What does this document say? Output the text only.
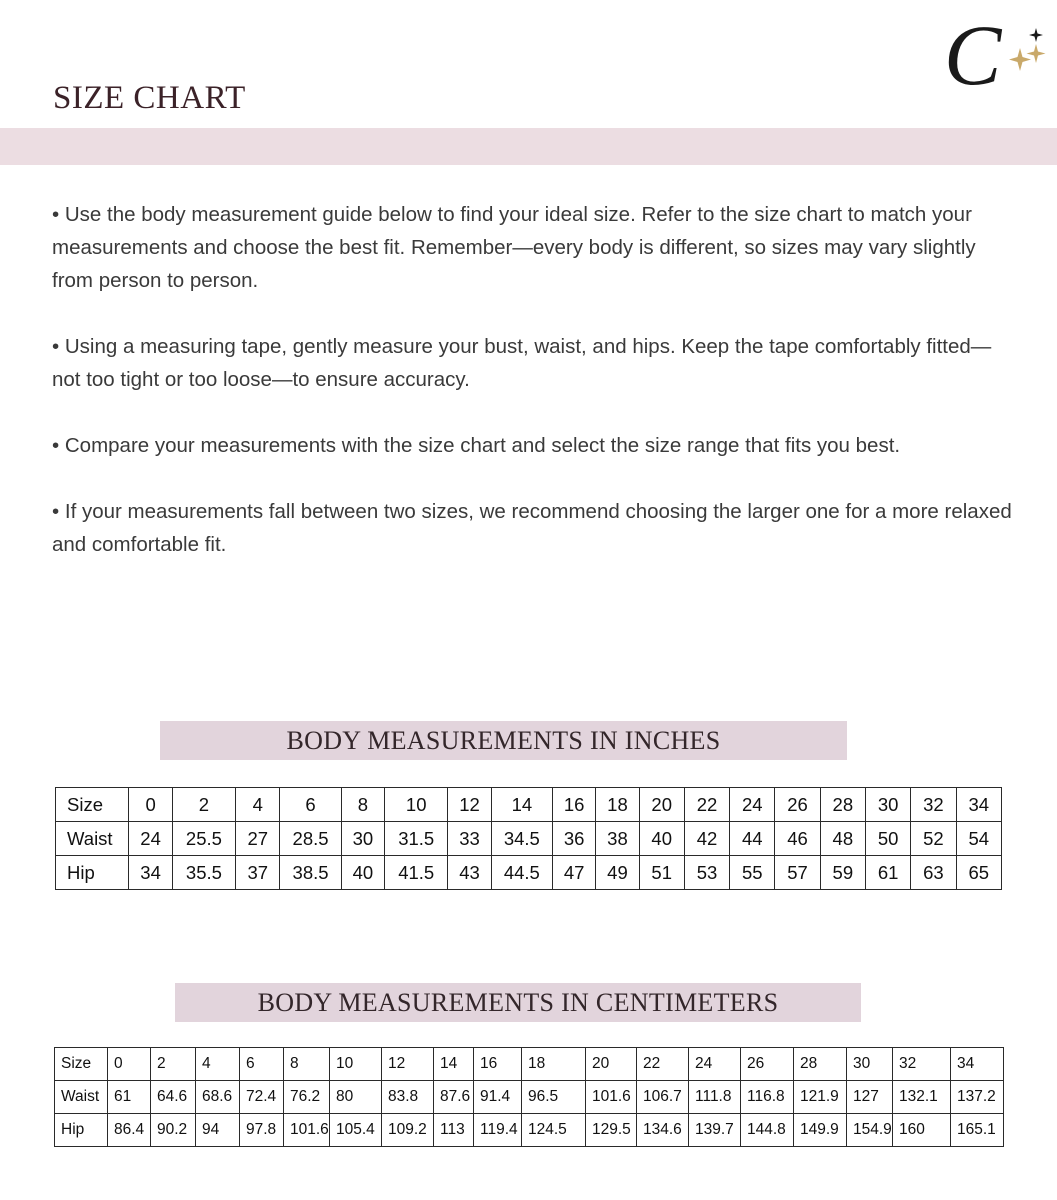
C
SIZE CHART
• Use the body measurement guide below to find your ideal size. Refer to the size chart to match your measurements and choose the best fit. Remember—every body is different, so sizes may vary slightly from person to person.
• Using a measuring tape, gently measure your bust, waist, and hips. Keep the tape comfortably fitted—not too tight or too loose—to ensure accuracy.
• Compare your measurements with the size chart and select the size range that fits you best.
• If your measurements fall between two sizes, we recommend choosing the larger one for a more relaxed and comfortable fit.
BODY MEASUREMENTS IN INCHES
Size	0	2	4	6	8	10	12	14	16	18	20	22	24	26	28	30	32	34
Waist	24	25.5	27	28.5	30	31.5	33	34.5	36	38	40	42	44	46	48	50	52	54
Hip	34	35.5	37	38.5	40	41.5	43	44.5	47	49	51	53	55	57	59	61	63	65
BODY MEASUREMENTS IN CENTIMETERS
Size	0	2	4	6	8	10	12	14	16	18	20	22	24	26	28	30	32	34
Waist	61	64.6	68.6	72.4	76.2	80	83.8	87.6	91.4	96.5	101.6	106.7	111.8	116.8	121.9	127	132.1	137.2
Hip	86.4	90.2	94	97.8	101.6	105.4	109.2	113	119.4	124.5	129.5	134.6	139.7	144.8	149.9	154.9	160	165.1
